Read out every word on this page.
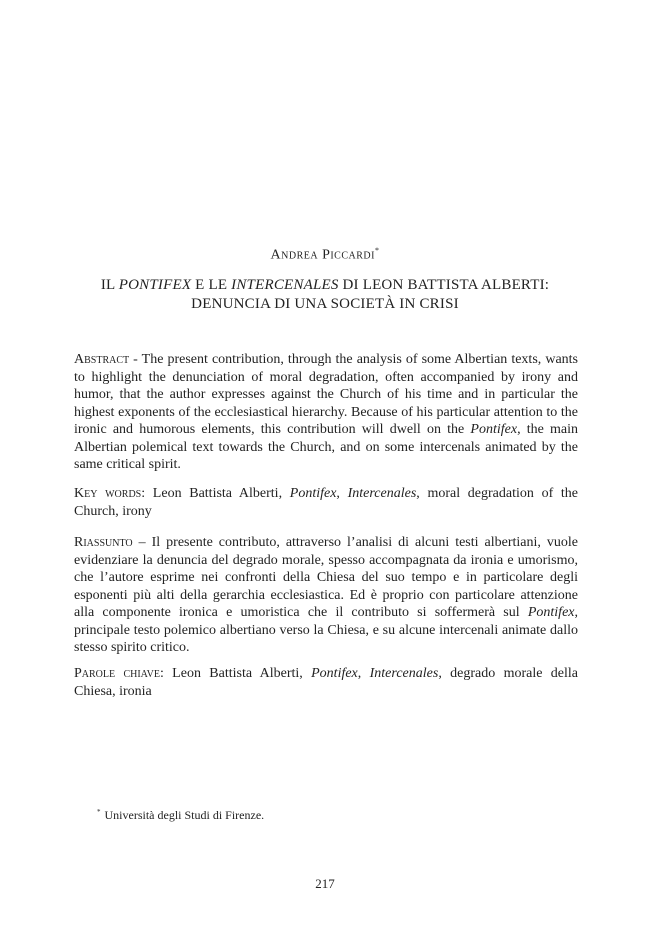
Andrea Piccardi*
IL PONTIFEX E LE INTERCENALES DI LEON BATTISTA ALBERTI:
DENUNCIA DI UNA SOCIETÀ IN CRISI
Abstract - The present contribution, through the analysis of some Albertian texts, wants to highlight the denunciation of moral degradation, often accompanied by irony and humor, that the author expresses against the Church of his time and in particular the highest exponents of the ecclesiastical hierarchy. Because of his particular attention to the ironic and humorous elements, this contribution will dwell on the Pontifex, the main Albertian polemical text towards the Church, and on some intercenals animated by the same critical spirit.
Key words: Leon Battista Alberti, Pontifex, Intercenales, moral degradation of the Church, irony
Riassunto – Il presente contributo, attraverso l’analisi di alcuni testi albertiani, vuole evidenziare la denuncia del degrado morale, spesso accompagnata da ironia e umorismo, che l’autore esprime nei confronti della Chiesa del suo tempo e in particolare degli esponenti più alti della gerarchia ecclesiastica. Ed è proprio con particolare attenzione alla componente ironica e umoristica che il contributo si soffermerà sul Pontifex, principale testo polemico albertiano verso la Chiesa, e su alcune intercenali animate dallo stesso spirito critico.
Parole chiave: Leon Battista Alberti, Pontifex, Intercenales, degrado morale della Chiesa, ironia
* Università degli Studi di Firenze.
217
